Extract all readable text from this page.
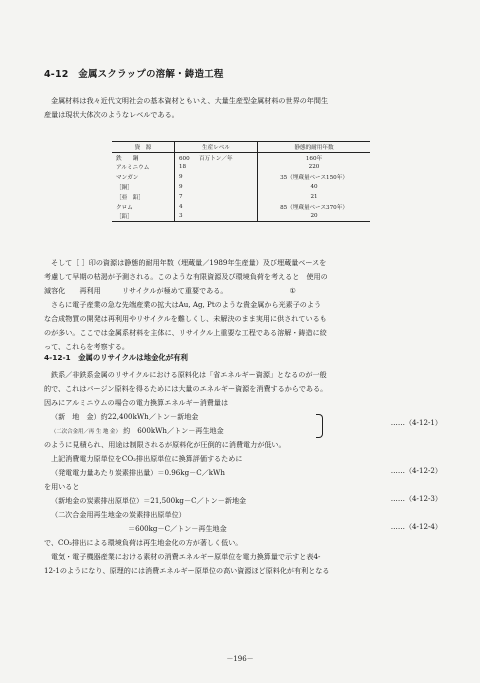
4-12　金属スクラップの溶解・鋳造工程
金属材料は我々近代文明社会の基本資材ともいえ、大量生産型金属材料の世界の年間生
産量は現状大体次のようなレベルである。
資　源	生産レベル	静態的耐用年数
鉄　　鋼	600 百万トン／年	160年
アルミニウム	18	220
マンガン	9	35（埋蔵量ベース150年）
［銅］	9	40
［亜　鉛］	7	21
クロム	4	85（埋蔵量ベース370年）
［鉛］	3	20
そして［ ］印の資源は静態的耐用年数（埋蔵量／1989年生産量）及び埋蔵量ベースを
考慮して早期の枯渇が予測される。このような有限資源及び環境負荷を考えると　使用の
減容化　　再利用　　　リサイクルが極めて重要である。	①
さらに電子産業の急な先端産業の拡大はAu, Ag, Ptのような貴金属から光素子のよう
な合成物質の開発は再利用やリサイクルを難しくし、未解決のまま実用に供されているも
のが多い。ここでは金属系材料を主体に、リサイクル上重要な工程である溶解・鋳造に絞
って、これらを考察する。
4-12-1　金属のリサイクルは地金化が有利
鉄系／非鉄系金属のリサイクルにおける原料化は「省エネルギー資源」となるのが一般
的で、これはバージン原料を得るためには大量のエネルギー資源を消費するからである。
因みにアルミニウムの場合の電力換算エネルギー消費量は
（新　地　金）約22,400kWh／トン－新地金
（二次合金用／再 生 地 金） 約　600kWh／トン－再生地金
……（4-12-1）
のように見積られ、用途は制限されるが原料化が圧倒的に消費電力が低い。
上記消費電力原単位をCO₂排出原単位に換算評価するために
（発電電力量あたり炭素排出量）＝0.96kg－C／kWh
を用いると
……（4-12-2）
（新地金の炭素排出原単位）＝21,500kg－C／トン－新地金
（二次合金用再生地金の炭素排出原単位）
＝600kg－C／トン－再生地金
……（4-12-3）
……（4-12-4）
で、CO₂排出による環境負荷は再生地金化の方が著しく低い。
電気・電子機器産業における素材の消費エネルギー原単位を電力換算量で示すと表4-
12-1のようになり、原理的には消費エネルギー原単位の高い資源ほど原料化が有利となる
－196－
